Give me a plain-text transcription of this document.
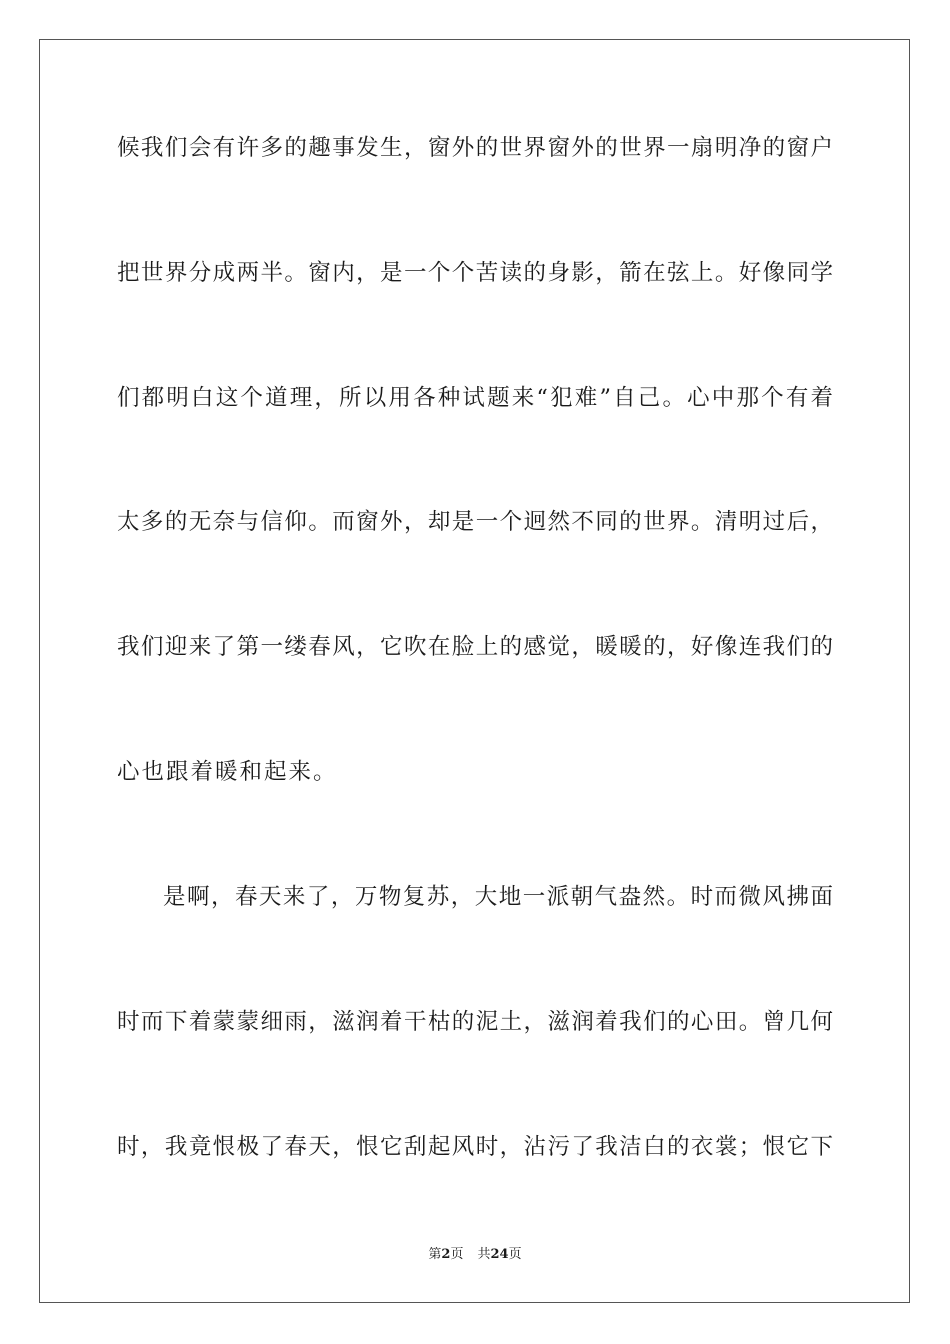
候我们会有许多的趣事发生，窗外的世界窗外的世界一扇明净的窗户
把世界分成两半。窗内，是一个个苦读的身影，箭在弦上。好像同学
们都明白这个道理，所以用各种试题来“犯难”自己。心中那个有着
太多的无奈与信仰。而窗外，却是一个迥然不同的世界。清明过后，
我们迎来了第一缕春风，它吹在脸上的感觉，暖暖的，好像连我们的
心也跟着暖和起来。
是啊，春天来了，万物复苏，大地一派朝气盎然。时而微风拂面
时而下着蒙蒙细雨，滋润着干枯的泥土，滋润着我们的心田。曾几何
时，我竟恨极了春天，恨它刮起风时，沾污了我洁白的衣裳；恨它下
第2页 共24页
